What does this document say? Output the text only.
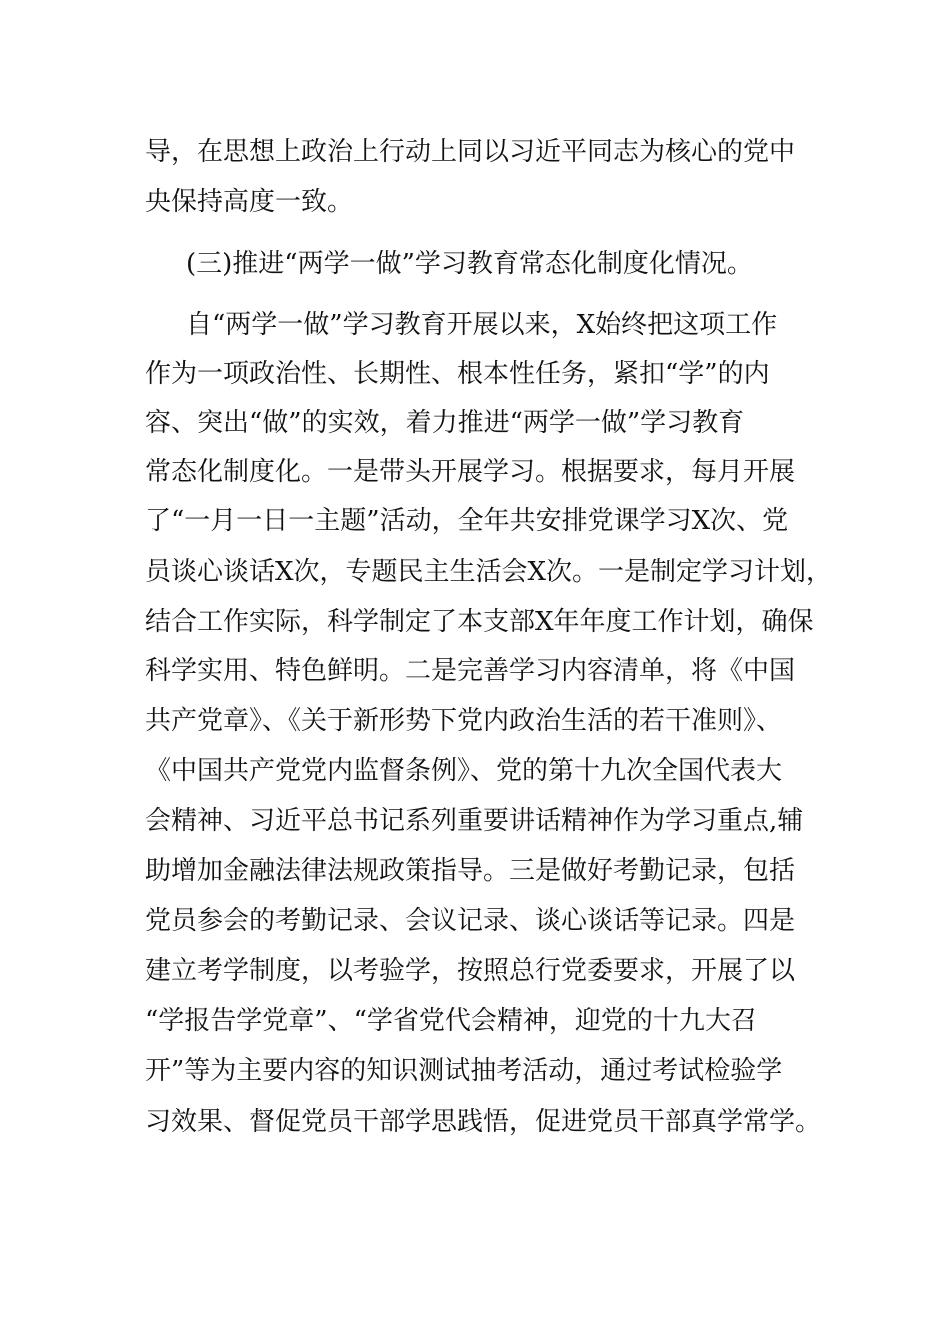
导，在思想上政治上行动上同以习近平同志为核心的党中

央保持高度一致。

(三)推进“两学一做”学习教育常态化制度化情况。

自“两学一做”学习教育开展以来，X始终把这项工作

作为一项政治性、长期性、根本性任务，紧扣“学”的内

容、突出“做”的实效，着力推进“两学一做”学习教育

常态化制度化。一是带头开展学习。根据要求，每月开展

了“一月一日一主题”活动，全年共安排党课学习X次、党

员谈心谈话X次，专题民主生活会X次。一是制定学习计划，

结合工作实际，科学制定了本支部X年年度工作计划，确保

科学实用、特色鲜明。二是完善学习内容清单，将《中国

共产党章》、《关于新形势下党内政治生活的若干准则》、

《中国共产党党内监督条例》、党的第十九次全国代表大

会精神、习近平总书记系列重要讲话精神作为学习重点,辅

助增加金融法律法规政策指导。三是做好考勤记录，包括

党员参会的考勤记录、会议记录、谈心谈话等记录。四是

建立考学制度，以考验学，按照总行党委要求，开展了以

“学报告学党章”、“学省党代会精神，迎党的十九大召

开”等为主要内容的知识测试抽考活动，通过考试检验学

习效果、督促党员干部学思践悟，促进党员干部真学常学。
